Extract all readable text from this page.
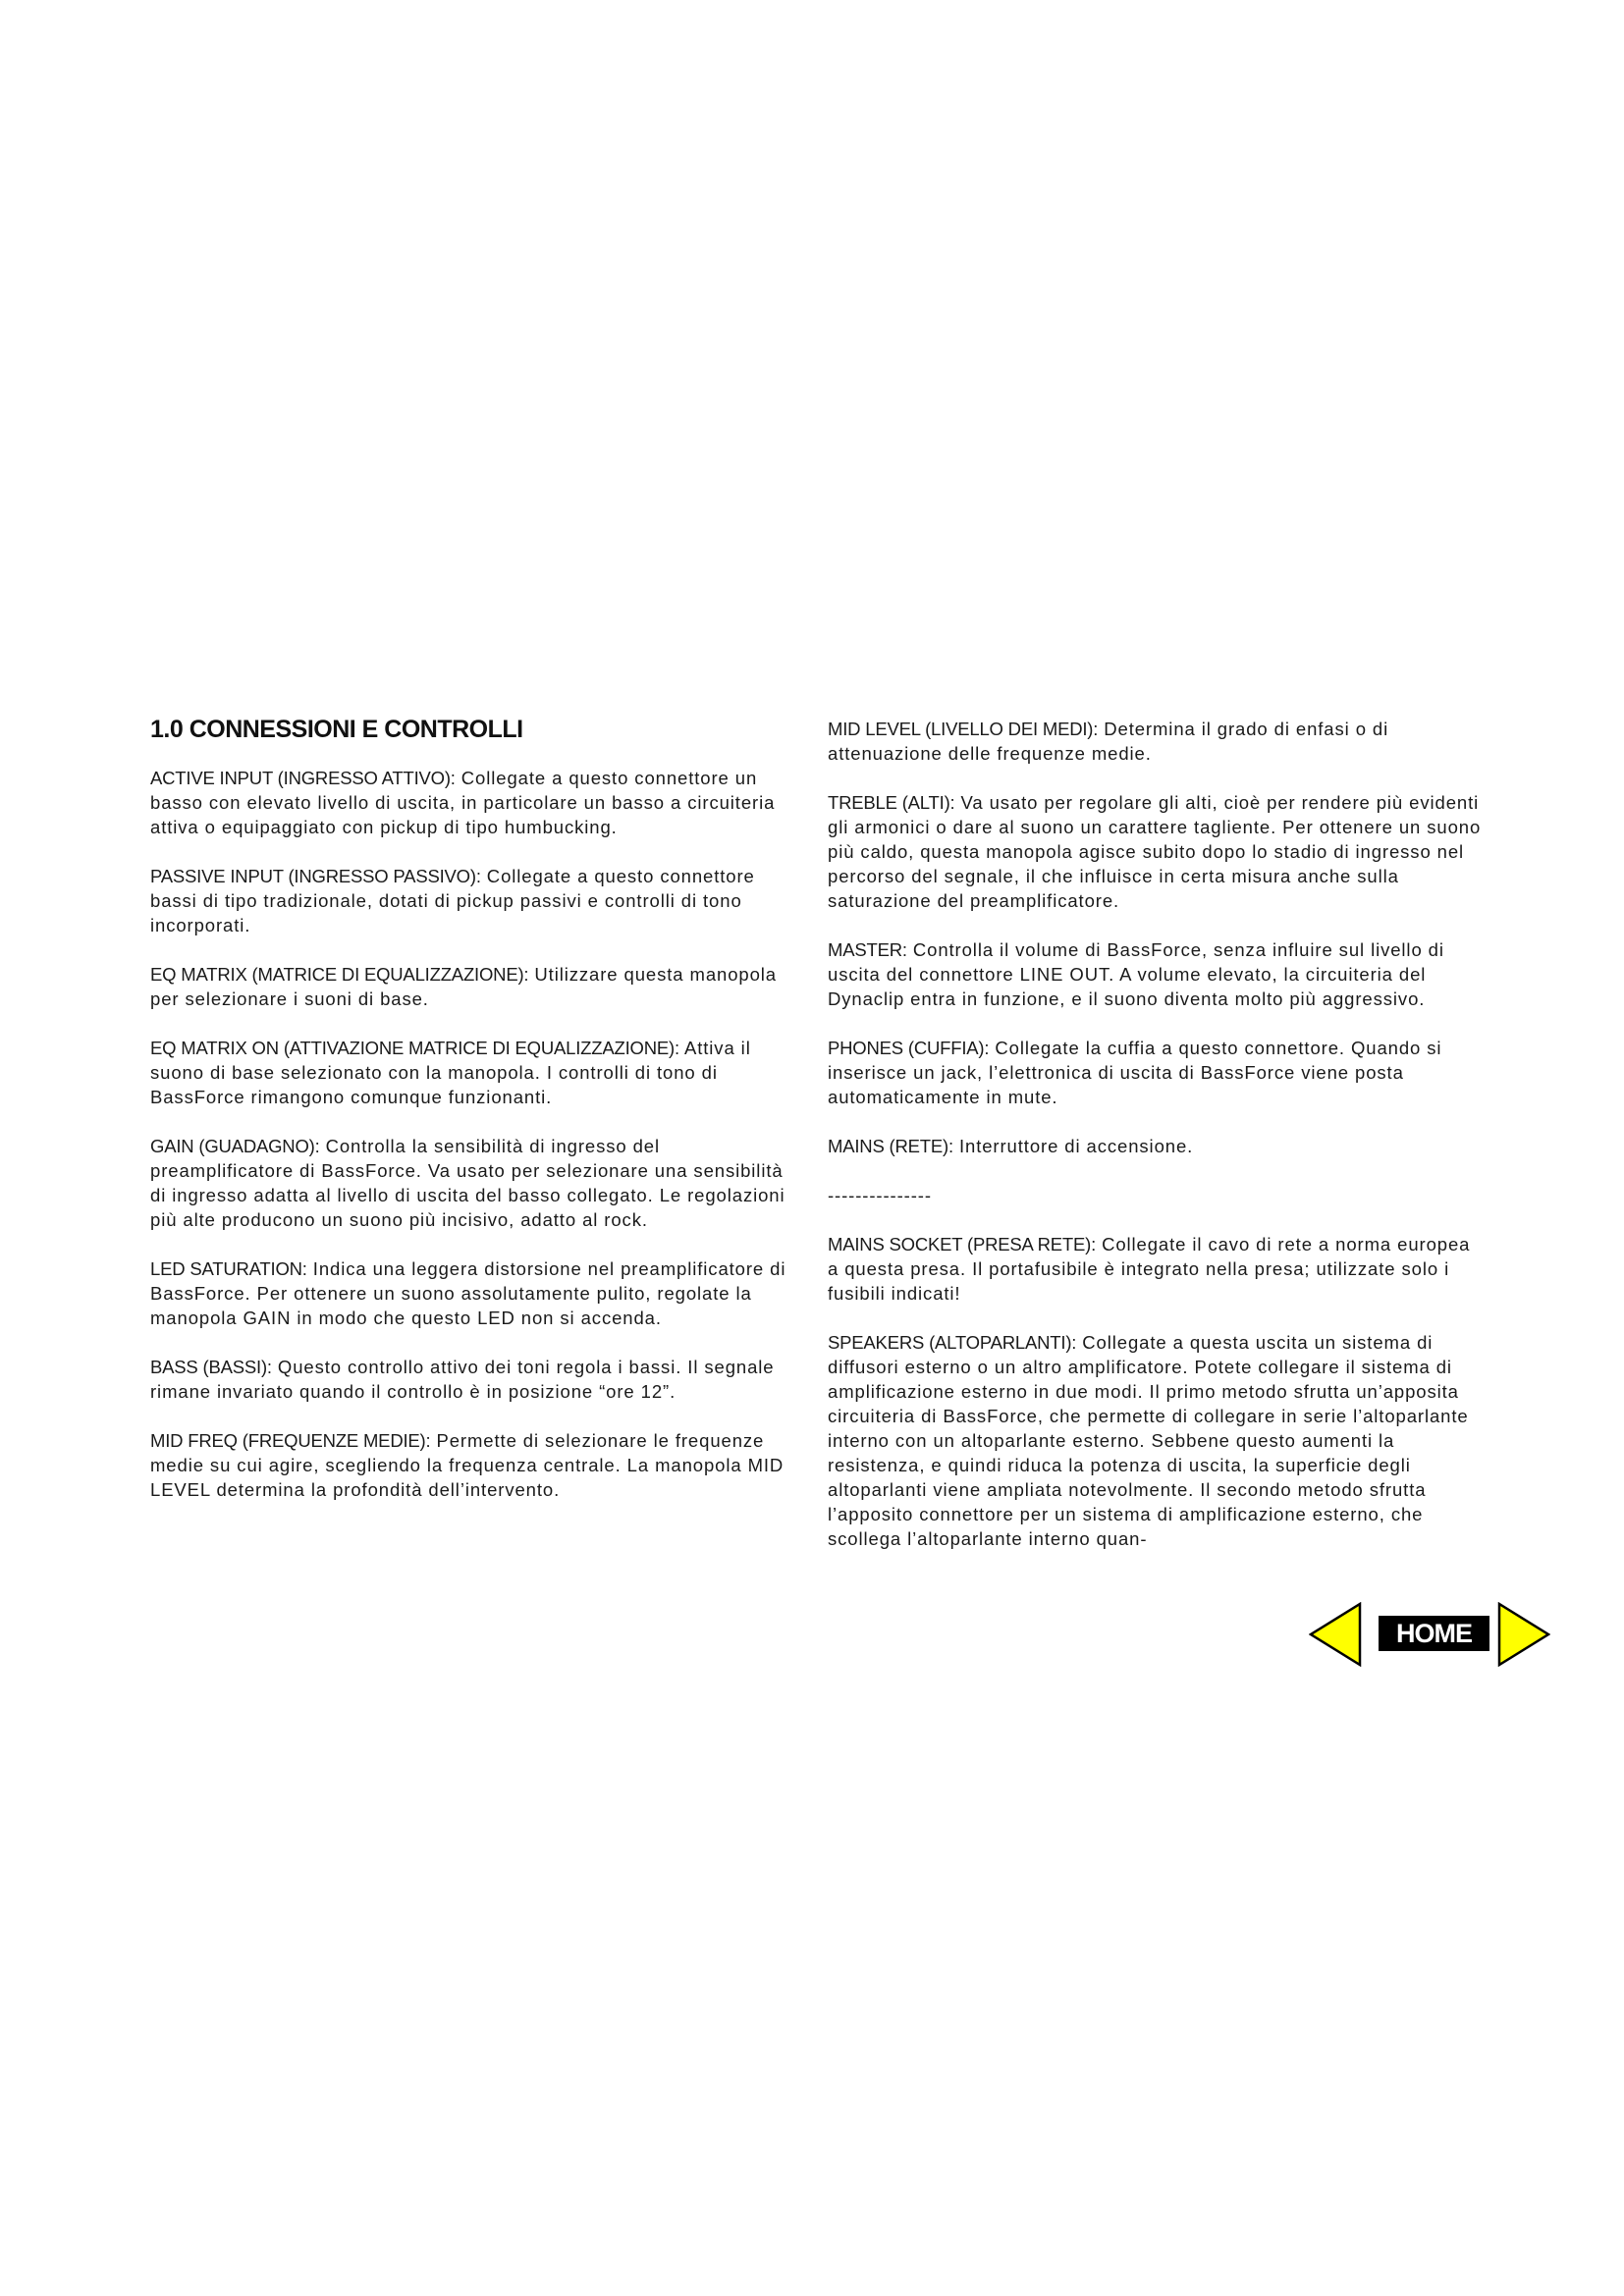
1.0 CONNESSIONI E CONTROLLI
ACTIVE INPUT (INGRESSO ATTIVO): Collegate a questo connettore un basso con elevato livello di uscita, in particolare un basso a circuiteria attiva o equipaggiato con pickup di tipo humbucking.
PASSIVE INPUT (INGRESSO PASSIVO): Collegate a questo connettore bassi di tipo tradizionale, dotati di pickup passivi e controlli di tono incorporati.
EQ MATRIX (MATRICE DI EQUALIZZAZIONE): Utilizzare questa manopola per selezionare i suoni di base.
EQ MATRIX ON (ATTIVAZIONE MATRICE DI EQUALIZZAZIONE): Attiva il suono di base selezionato con la manopola. I controlli di tono di BassForce rimangono comunque funzionanti.
GAIN (GUADAGNO): Controlla la sensibilità di ingresso del preamplificatore di BassForce. Va usato per selezionare una sensibilità di ingresso adatta al livello di uscita del basso collegato. Le regolazioni più alte producono un suono più incisivo, adatto al rock.
LED SATURATION: Indica una leggera distorsione nel preamplificatore di BassForce. Per ottenere un suono assolutamente pulito, regolate la manopola GAIN in modo che questo LED non si accenda.
BASS (BASSI): Questo controllo attivo dei toni regola i bassi. Il segnale rimane invariato quando il controllo è in posizione “ore 12”.
MID FREQ (FREQUENZE MEDIE): Permette di selezionare le frequenze medie su cui agire, scegliendo la frequenza centrale. La manopola MID LEVEL determina la profondità dell’intervento.
MID LEVEL (LIVELLO DEI MEDI): Determina il grado di enfasi o di attenuazione delle frequenze medie.
TREBLE (ALTI): Va usato per regolare gli alti, cioè per rendere più evidenti gli armonici o dare al suono un carattere tagliente. Per ottenere un suono più caldo, questa manopola agisce subito dopo lo stadio di ingresso nel percorso del segnale, il che influisce in certa misura anche sulla saturazione del preamplificatore.
MASTER: Controlla il volume di BassForce, senza influire sul livello di uscita del connettore LINE OUT. A volume elevato, la circuiteria del Dynaclip entra in funzione, e il suono diventa molto più aggressivo.
PHONES (CUFFIA): Collegate la cuffia a questo connettore. Quando si inserisce un jack, l’elettronica di uscita di BassForce viene posta automaticamente in mute.
MAINS (RETE): Interruttore di accensione.
---------------
MAINS SOCKET (PRESA RETE): Collegate il cavo di rete a norma europea a questa presa. Il portafusibile è integrato nella presa; utilizzate solo i fusibili indicati!
SPEAKERS (ALTOPARLANTI): Collegate a questa uscita un sistema di diffusori esterno o un altro amplificatore. Potete collegare il sistema di amplificazione esterno in due modi. Il primo metodo sfrutta un’apposita circuiteria di BassForce, che permette di collegare in serie l’altoparlante interno con un altoparlante esterno. Sebbene questo aumenti la resistenza, e quindi riduca la potenza di uscita, la superficie degli altoparlanti viene ampliata notevolmente. Il secondo metodo sfrutta l’apposito connettore per un sistema di amplificazione esterno, che scollega l’altoparlante interno quan-
HOME
